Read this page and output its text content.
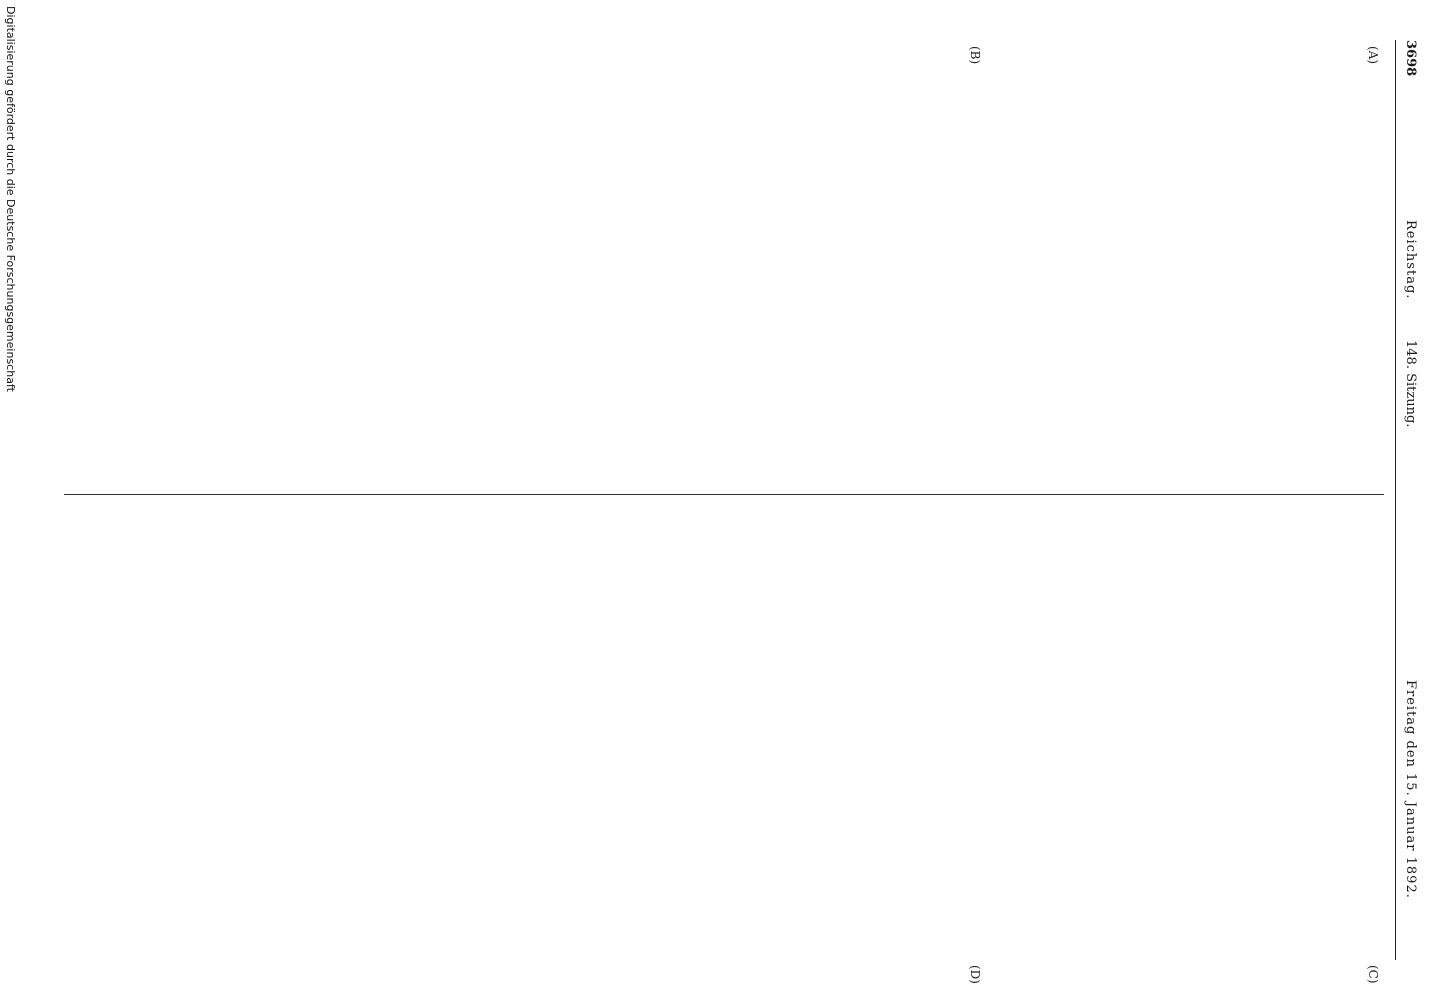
3698
Reichstag.
148. Sitzung.
Freitag den 15. Januar 1892.
(A)
(B)
(C)
(D)
Digitalisierung gefördert durch die Deutsche Forschungsgemeinschaft
